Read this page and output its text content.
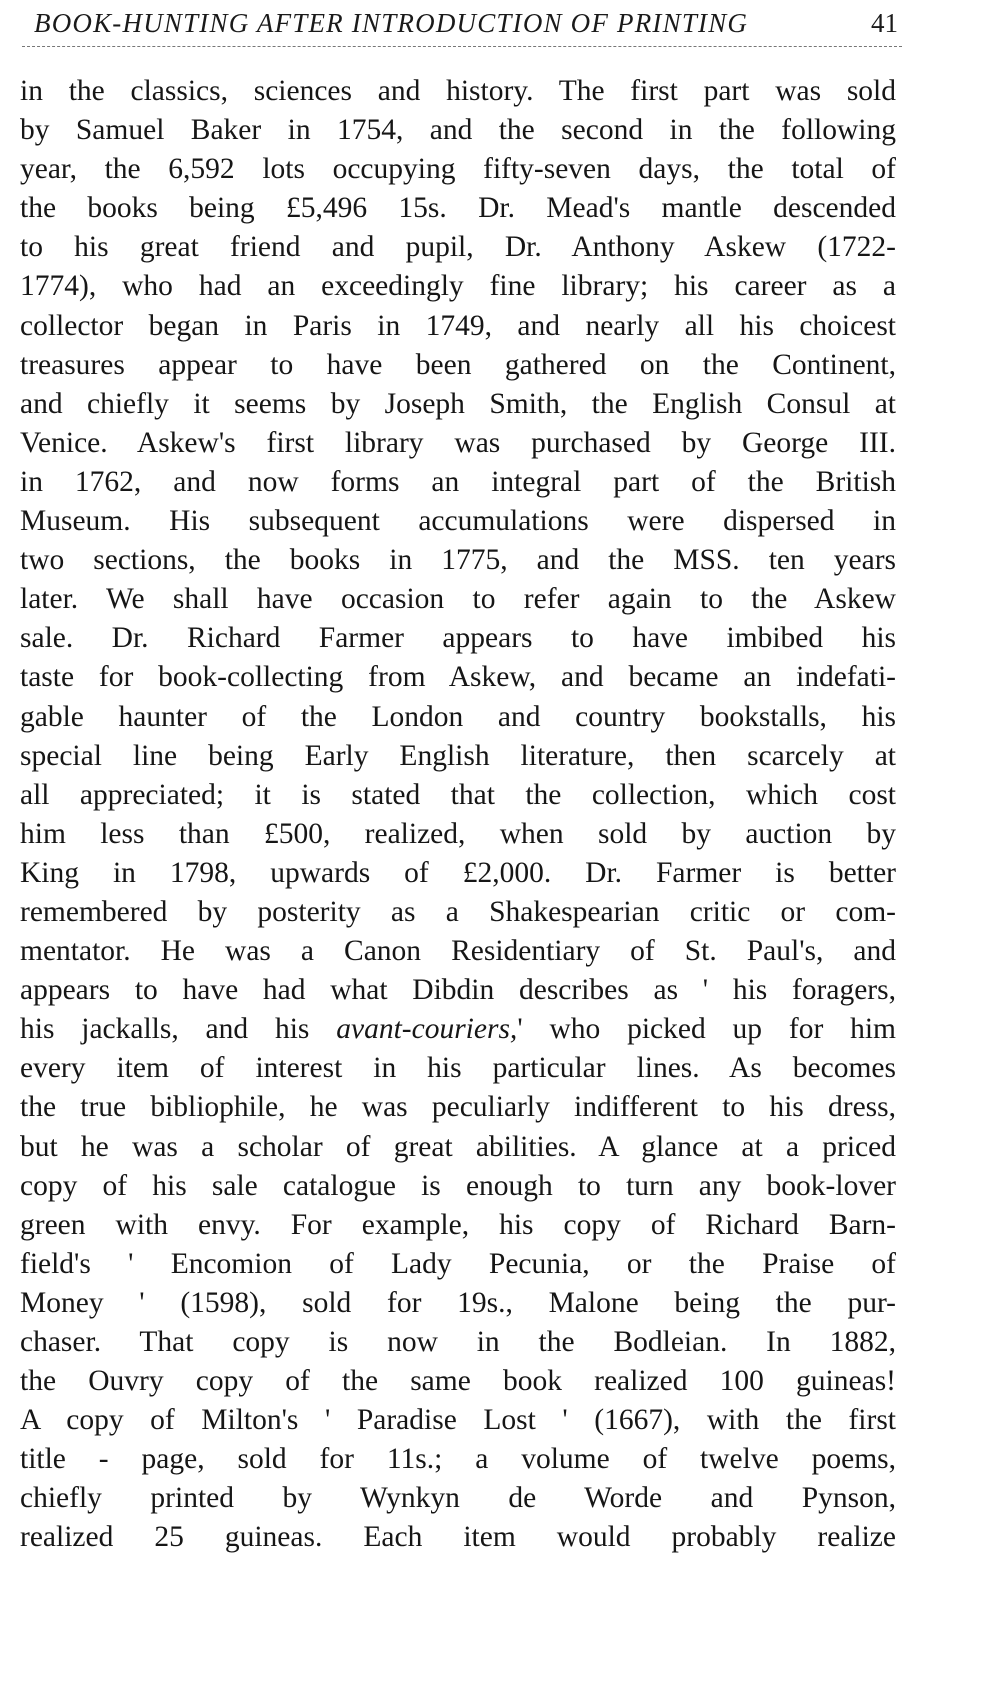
BOOK-HUNTING AFTER INTRODUCTION OF PRINTING	41
in the classics, sciences and history. The first part was sold
by Samuel Baker in 1754, and the second in the following
year, the 6,592 lots occupying fifty-seven days, the total of
the books being £5,496 15s. Dr. Mead's mantle descended
to his great friend and pupil, Dr. Anthony Askew (1722-
1774), who had an exceedingly fine library; his career as a
collector began in Paris in 1749, and nearly all his choicest
treasures appear to have been gathered on the Continent,
and chiefly it seems by Joseph Smith, the English Consul at
Venice. Askew's first library was purchased by George III.
in 1762, and now forms an integral part of the British
Museum. His subsequent accumulations were dispersed in
two sections, the books in 1775, and the MSS. ten years
later. We shall have occasion to refer again to the Askew
sale. Dr. Richard Farmer appears to have imbibed his
taste for book-collecting from Askew, and became an indefati-
gable haunter of the London and country bookstalls, his
special line being Early English literature, then scarcely at
all appreciated; it is stated that the collection, which cost
him less than £500, realized, when sold by auction by
King in 1798, upwards of £2,000. Dr. Farmer is better
remembered by posterity as a Shakespearian critic or com-
mentator. He was a Canon Residentiary of St. Paul's, and
appears to have had what Dibdin describes as ' his foragers,
his jackalls, and his avant-couriers,' who picked up for him
every item of interest in his particular lines. As becomes
the true bibliophile, he was peculiarly indifferent to his dress,
but he was a scholar of great abilities. A glance at a priced
copy of his sale catalogue is enough to turn any book-lover
green with envy. For example, his copy of Richard Barn-
field's ' Encomion of Lady Pecunia, or the Praise of
Money ' (1598), sold for 19s., Malone being the pur-
chaser. That copy is now in the Bodleian. In 1882,
the Ouvry copy of the same book realized 100 guineas!
A copy of Milton's ' Paradise Lost ' (1667), with the first
title - page, sold for 11s.; a volume of twelve poems,
chiefly printed by Wynkyn de Worde and Pynson,
realized 25 guineas. Each item would probably realize
